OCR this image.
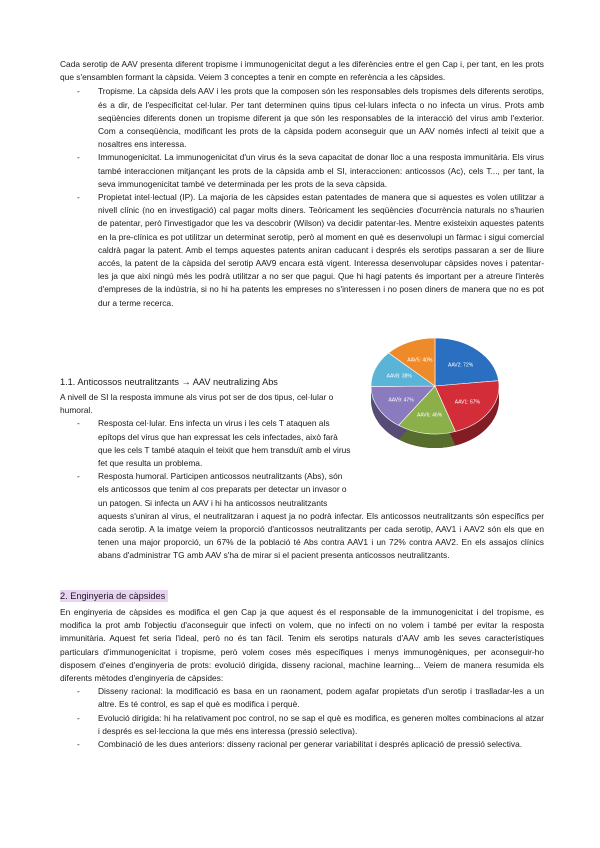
Cada serotip de AAV presenta diferent tropisme i immunogenicitat degut a les diferències entre el gen Cap i, per tant, en les prots que s'ensamblen formant la càpsida. Veiem 3 conceptes a tenir en compte en referència a les càpsides.

- Tropisme. La càpsida dels AAV i les prots que la composen són les responsables dels tropismes dels diferents serotips, és a dir, de l'especificitat cel·lular. Per tant determinen quins tipus cel·lulars infecta o no infecta un virus. Prots amb seqüències diferents donen un tropisme diferent ja que són les responsables de la interacció del virus amb l'exterior. Com a conseqüència, modificant les prots de la càpsida podem aconseguir que un AAV només infecti al teixit que a nosaltres ens interessa.

- Immunogenicitat. La immunogenicitat d'un virus és la seva capacitat de donar lloc a una resposta immunitària. Els virus també interaccionen mitjançant les prots de la càpsida amb el SI, interaccionen: anticossos (Ac), cels T..., per tant, la seva immunogenicitat també ve determinada per les prots de la seva càpsida.

- Propietat intel·lectual (IP). La majoria de les càpsides estan patentades de manera que si aquestes es volen utilitzar a nivell clínic (no en investigació) cal pagar molts diners. Teòricament les seqüències d'ocurrència naturals no s'haurien de patentar, però l'investigador que les va descobrir (Wilson) va decidir patentar-les. Mentre existeixin aquestes patents en la pre-clínica es pot utilitzar un determinat serotip, però al moment en què es desenvolupi un fàrmac i sigui comercial caldrà pagar la patent. Amb el temps aquestes patents aniran caducant i després els serotips passaran a ser de lliure accés, la patent de la càpsida del serotip AAV9 encara està vigent. Interessa desenvolupar càpsides noves i patentar-les ja que així ningú més les podrà utilitzar a no ser que pagui. Que hi hagi patents és important per a atreure l'interès d'empreses de la indústria, si no hi ha patents les empreses no s'interessen i no posen diners de manera que no es pot dur a terme recerca.

1.1. Anticossos neutralitzants → AAV neutralizing Abs

A nivell de SI la resposta immune als virus pot ser de dos tipus, cel·lular o
humoral.

- Resposta cel·lular. Ens infecta un virus i les cels T ataquen als
epítops del virus que han expressat les cels infectades, això farà
que les cels T també ataquin el teixit que hem transduït amb el virus
fet que resulta un problema.

- Resposta humoral. Participen anticossos neutralitzants (Abs), són
els anticossos que tenim al cos preparats per detectar un invasor o
un patogen. Si infecta un AAV i hi ha anticossos neutralitzants

aquests s'uniran al virus, el neutralitzaran i aquest ja no podrà infectar. Els anticossos neutralitzants són específics per cada serotip. A la imatge veiem la proporció d'anticossos neutralitzants per cada serotip, AAV1 i AAV2 són els que en tenen una major proporció, un 67% de la població té Abs contra AAV1 i un 72% contra AAV2. En els assajos clínics abans d'administrar TG amb AAV s'ha de mirar si el pacient presenta anticossos neutralitzants.

2. Enginyeria de càpsides

En enginyeria de càpsides es modifica el gen Cap ja que aquest és el responsable de la immunogenicitat i del tropisme, es modifica la prot amb l'objectiu d'aconseguir que infecti on volem, que no infecti on no volem i també per evitar la resposta immunitària. Aquest fet seria l'ideal, però no és tan fàcil. Tenim els serotips naturals d'AAV amb les seves característiques particulars d'immunogenicitat i tropisme, però volem coses més específiques i menys immunogèniques, per aconseguir-ho disposem d'eines d'enginyeria de prots: evolució dirigida, disseny racional, machine learning... Veiem de manera resumida els diferents mètodes d'enginyeria de càpsides:

- Disseny racional: la modificació es basa en un raonament, podem agafar propietats d'un serotip i traslladar-les a un altre. Es té control, es sap el què es modifica i perquè.

- Evolució dirigida: hi ha relativament poc control, no se sap el què es modifica, es generen moltes combinacions al atzar i després es sel·lecciona la que més ens interessa (pressió selectiva).

- Combinació de les dues anteriors: disseny racional per generar variabilitat i després aplicació de pressió selectiva.

AAV2: 72%
AAV1: 67%
AAV6: 46%
AAV9: 47%
AAV8: 38%
AAV5: 40%
